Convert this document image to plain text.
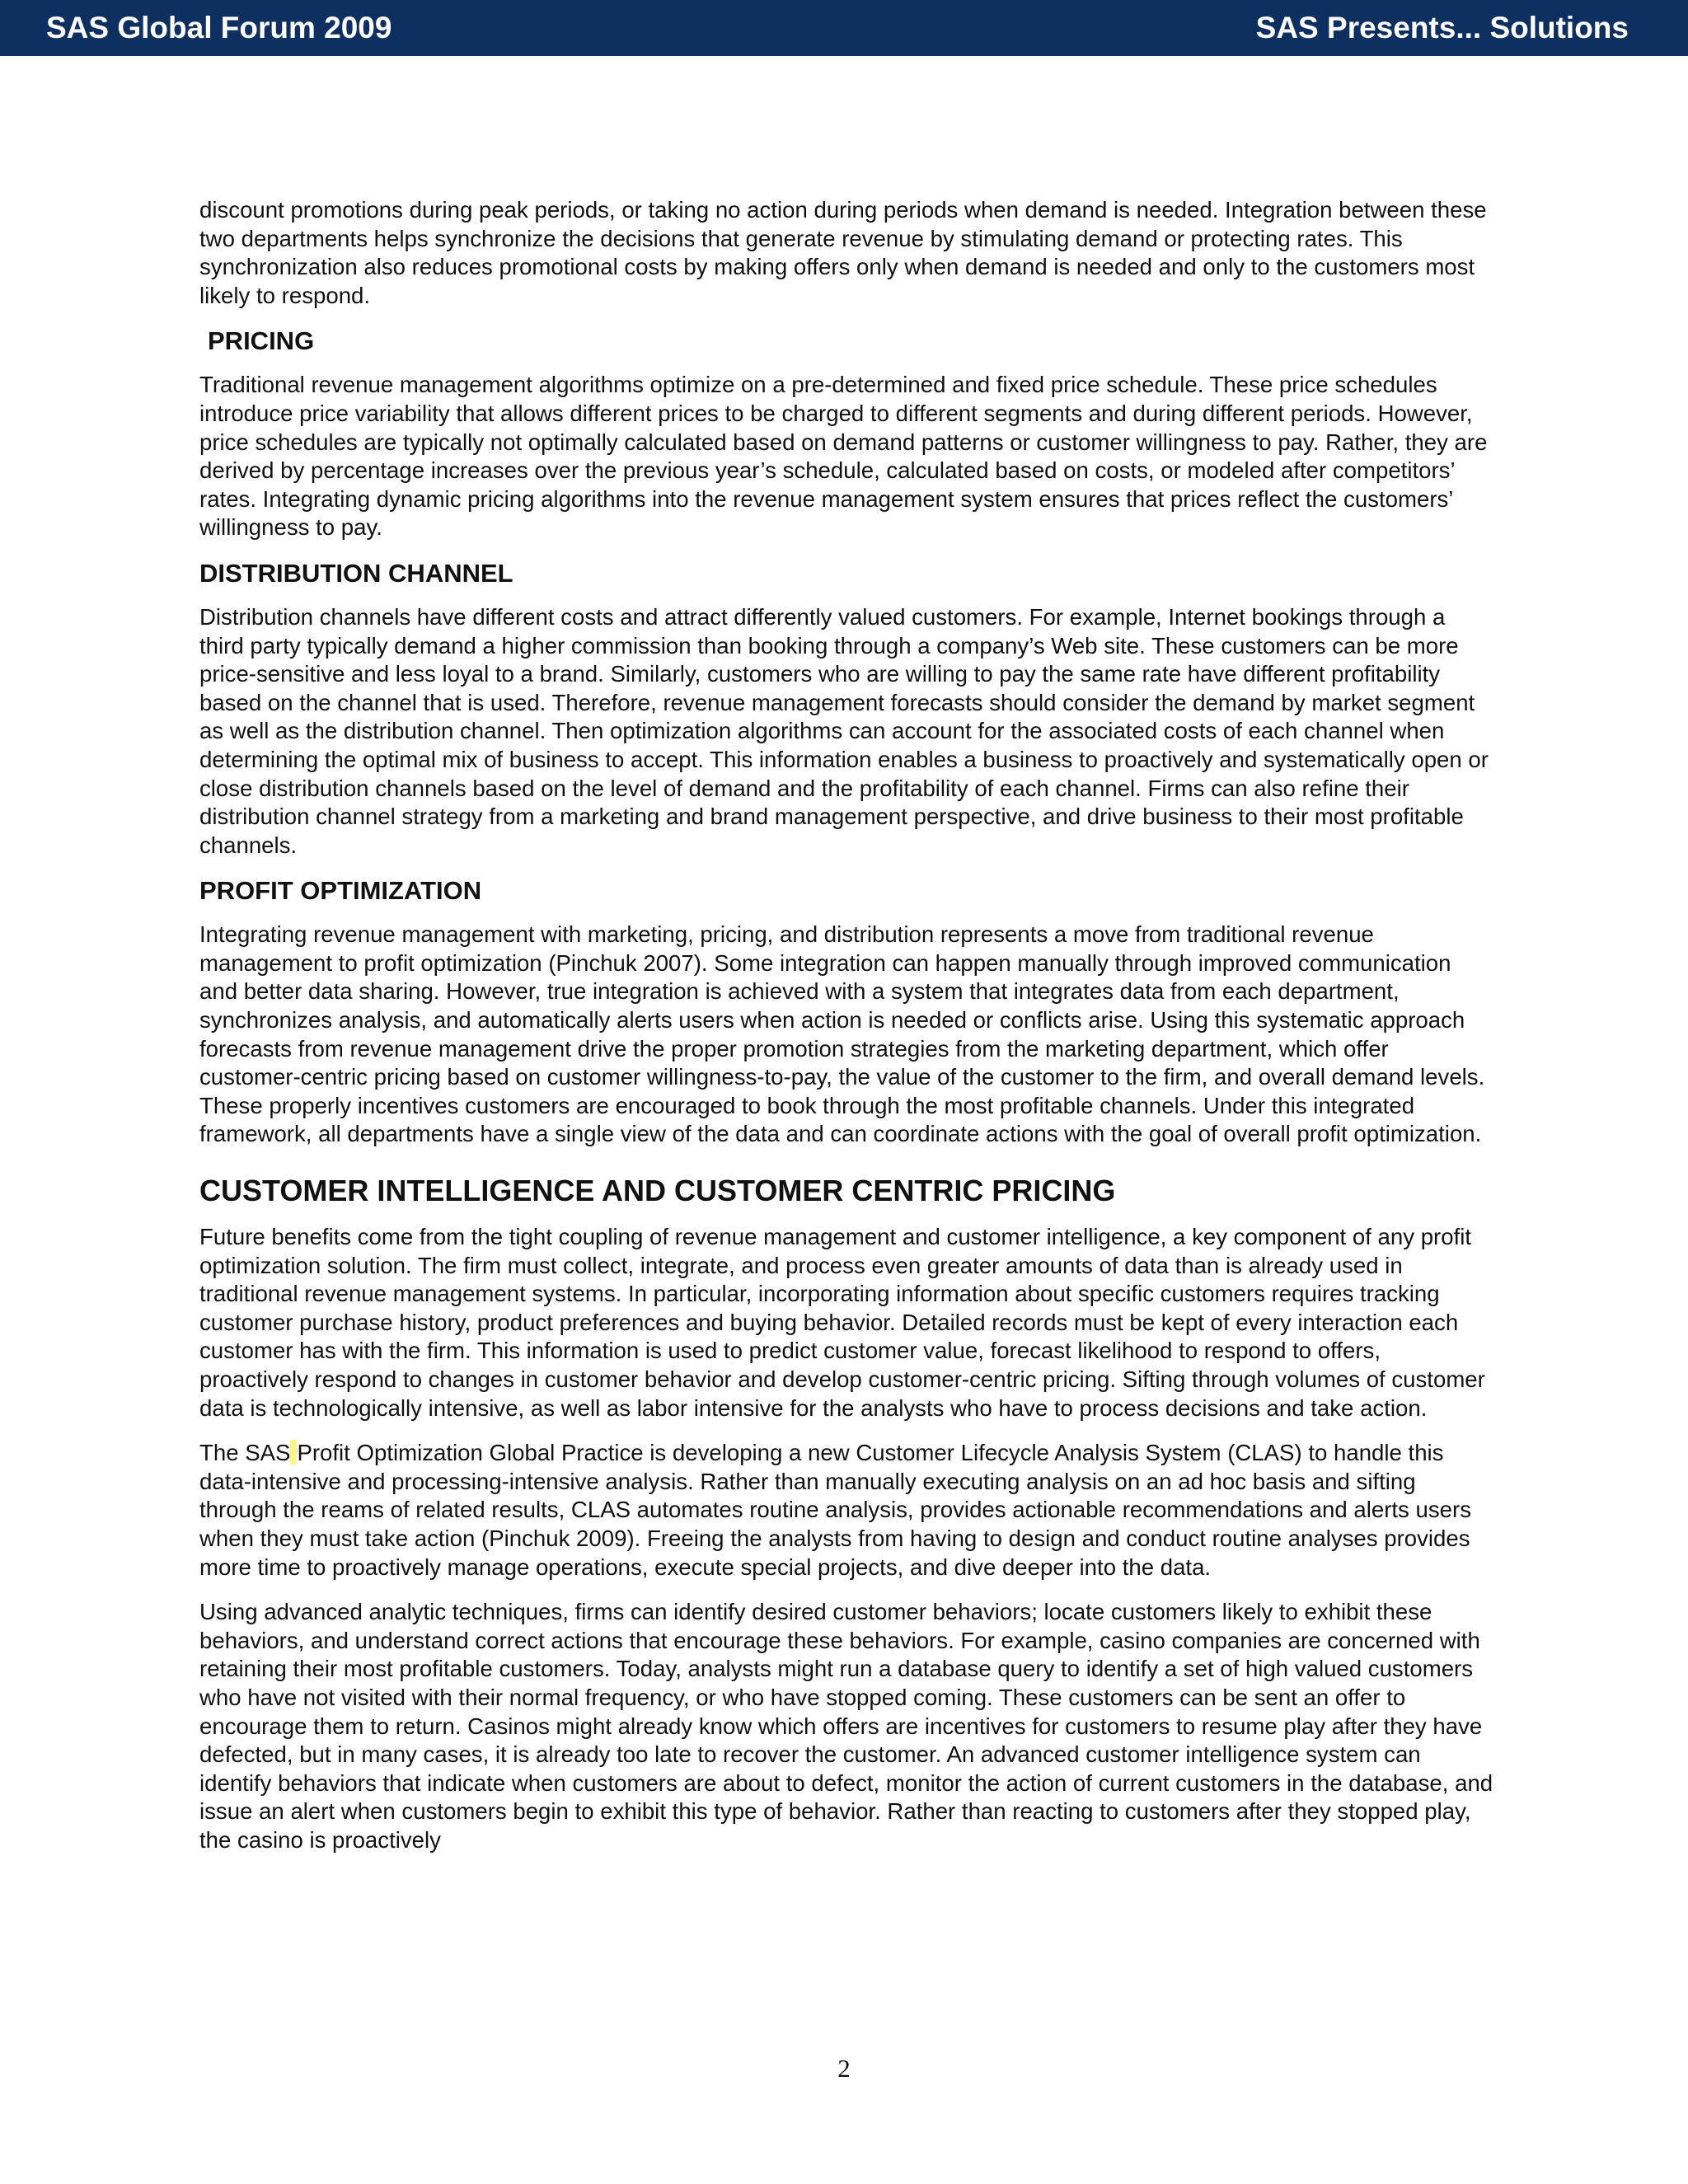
SAS Global Forum 2009	SAS Presents... Solutions

discount promotions during peak periods, or taking no action during periods when demand is needed. Integration between these two departments helps synchronize the decisions that generate revenue by stimulating demand or protecting rates. This synchronization also reduces promotional costs by making offers only when demand is needed and only to the customers most likely to respond.

PRICING

Traditional revenue management algorithms optimize on a pre-determined and fixed price schedule. These price schedules introduce price variability that allows different prices to be charged to different segments and during different periods. However, price schedules are typically not optimally calculated based on demand patterns or customer willingness to pay. Rather, they are derived by percentage increases over the previous year’s schedule, calculated based on costs, or modeled after competitors’ rates. Integrating dynamic pricing algorithms into the revenue management system ensures that prices reflect the customers’ willingness to pay.

DISTRIBUTION CHANNEL

Distribution channels have different costs and attract differently valued customers. For example, Internet bookings through a third party typically demand a higher commission than booking through a company’s Web site. These customers can be more price-sensitive and less loyal to a brand. Similarly, customers who are willing to pay the same rate have different profitability based on the channel that is used. Therefore, revenue management forecasts should consider the demand by market segment as well as the distribution channel. Then optimization algorithms can account for the associated costs of each channel when determining the optimal mix of business to accept. This information enables a business to proactively and systematically open or close distribution channels based on the level of demand and the profitability of each channel. Firms can also refine their distribution channel strategy from a marketing and brand management perspective, and drive business to their most profitable channels.

PROFIT OPTIMIZATION

Integrating revenue management with marketing, pricing, and distribution represents a move from traditional revenue management to profit optimization (Pinchuk 2007). Some integration can happen manually through improved communication and better data sharing. However, true integration is achieved with a system that integrates data from each department, synchronizes analysis, and automatically alerts users when action is needed or conflicts arise. Using this systematic approach forecasts from revenue management drive the proper promotion strategies from the marketing department, which offer customer-centric pricing based on customer willingness-to-pay, the value of the customer to the firm, and overall demand levels. These properly incentives customers are encouraged to book through the most profitable channels. Under this integrated framework, all departments have a single view of the data and can coordinate actions with the goal of overall profit optimization.

CUSTOMER INTELLIGENCE AND CUSTOMER CENTRIC PRICING

Future benefits come from the tight coupling of revenue management and customer intelligence, a key component of any profit optimization solution. The firm must collect, integrate, and process even greater amounts of data than is already used in traditional revenue management systems. In particular, incorporating information about specific customers requires tracking customer purchase history, product preferences and buying behavior. Detailed records must be kept of every interaction each customer has with the firm. This information is used to predict customer value, forecast likelihood to respond to offers, proactively respond to changes in customer behavior and develop customer-centric pricing. Sifting through volumes of customer data is technologically intensive, as well as labor intensive for the analysts who have to process decisions and take action.

The SAS Profit Optimization Global Practice is developing a new Customer Lifecycle Analysis System (CLAS) to handle this data-intensive and processing-intensive analysis. Rather than manually executing analysis on an ad hoc basis and sifting through the reams of related results, CLAS automates routine analysis, provides actionable recommendations and alerts users when they must take action (Pinchuk 2009). Freeing the analysts from having to design and conduct routine analyses provides more time to proactively manage operations, execute special projects, and dive deeper into the data.

Using advanced analytic techniques, firms can identify desired customer behaviors; locate customers likely to exhibit these behaviors, and understand correct actions that encourage these behaviors. For example, casino companies are concerned with retaining their most profitable customers. Today, analysts might run a database query to identify a set of high valued customers who have not visited with their normal frequency, or who have stopped coming. These customers can be sent an offer to encourage them to return. Casinos might already know which offers are incentives for customers to resume play after they have defected, but in many cases, it is already too late to recover the customer. An advanced customer intelligence system can identify behaviors that indicate when customers are about to defect, monitor the action of current customers in the database, and issue an alert when customers begin to exhibit this type of behavior. Rather than reacting to customers after they stopped play, the casino is proactively

2
